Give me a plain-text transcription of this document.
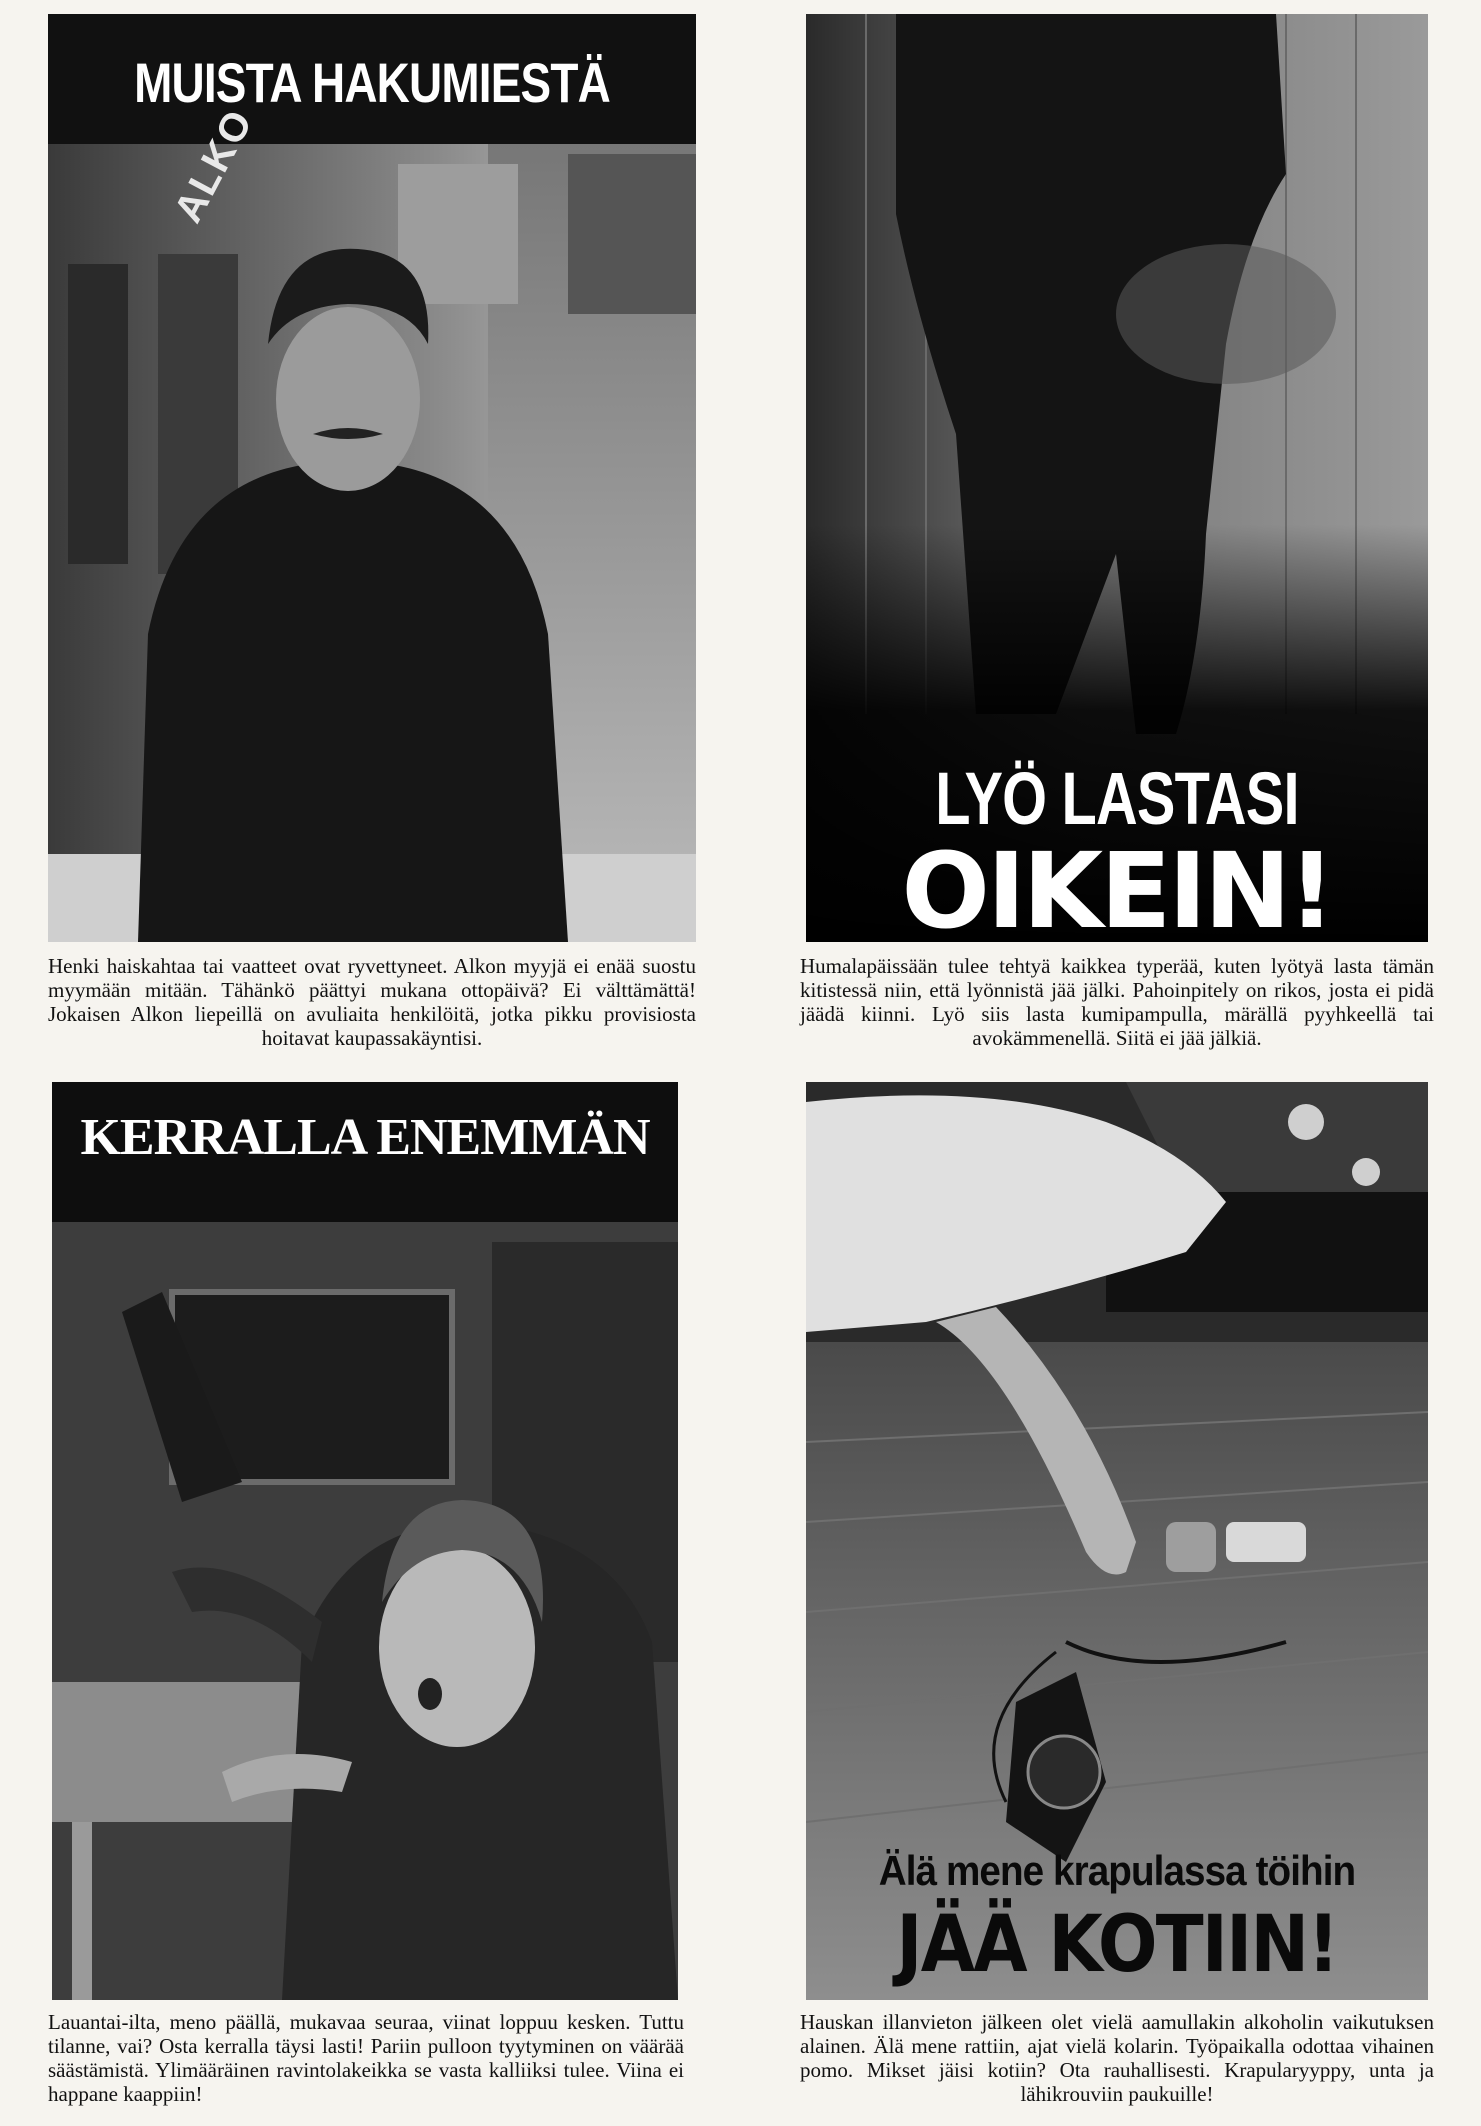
MUISTA HAKUMIESTÄ
ALKO
Henki haiskahtaa tai vaatteet ovat ryvettyneet. Alkon myyjä ei enää suostu myymään mitään. Tähänkö päättyi mukana ottopäivä? Ei välttämättä! Jokaisen Alkon liepeillä on avuliaita henkilöitä, jotka pikku provisiosta hoitavat kaupassakäyntisi.
LYÖ LASTASI
OIKEIN!
Humalapäissään tulee tehtyä kaikkea typerää, kuten lyötyä lasta tämän kitistessä niin, että lyönnistä jää jälki. Pahoinpitely on rikos, josta ei pidä jäädä kiinni. Lyö siis lasta kumipampulla, märällä pyyhkeellä tai avokämmenellä. Siitä ei jää jälkiä.
KERRALLA ENEMMÄN
Lauantai-ilta, meno päällä, mukavaa seuraa, viinat loppuu kesken. Tuttu tilanne, vai? Osta kerralla täysi lasti! Pariin pulloon tyytyminen on väärää säästämistä. Ylimääräinen ravintolakeikka se vasta kalliiksi tulee. Viina ei happane kaappiin!
Älä mene krapulassa töihin
JÄÄ KOTIIN!
Hauskan illanvieton jälkeen olet vielä aamullakin alkoholin vaikutuksen alainen. Älä mene rattiin, ajat vielä kolarin. Työpaikalla odottaa vihainen pomo. Mikset jäisi kotiin? Ota rauhallisesti. Krapularyyppy, unta ja lähikrouviin paukuille!
